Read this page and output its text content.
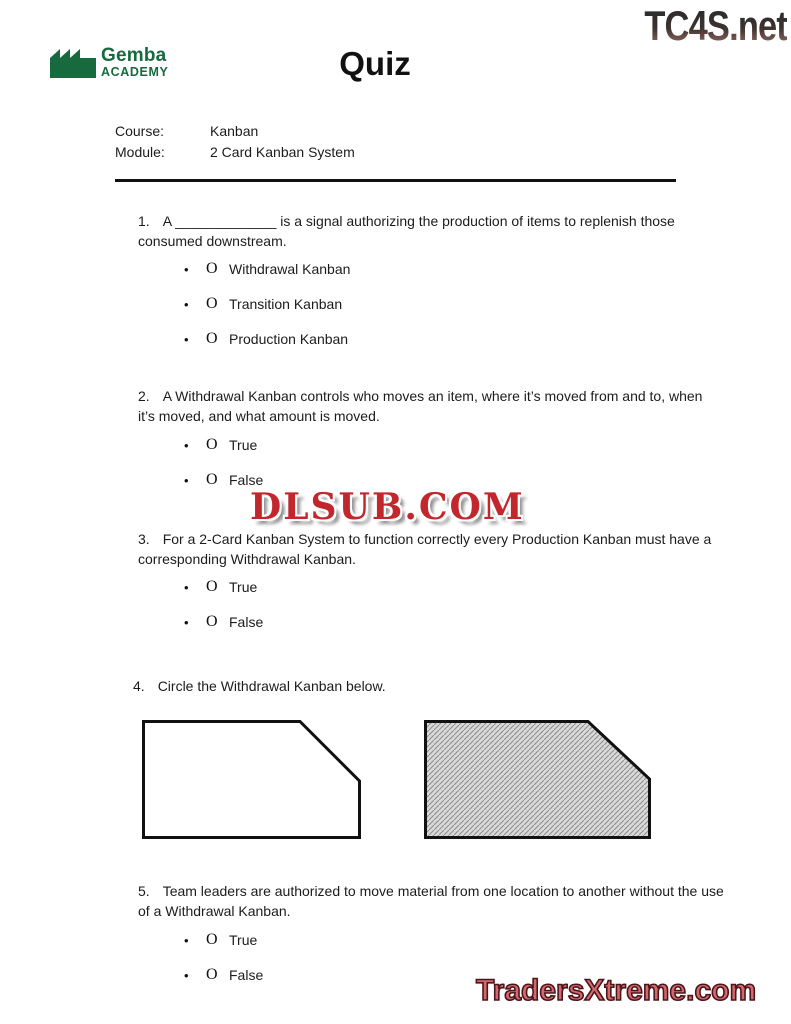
TC4S.net
Gemba
ACADEMY	Quiz
Course:	Kanban
Module:	2 Card Kanban System

1. A _____________ is a signal authorizing the production of items to replenish those
consumed downstream.

• O Withdrawal Kanban
• O Transition Kanban
• O Production Kanban

2. A Withdrawal Kanban controls who moves an item, where it’s moved from and to, when
it’s moved, and what amount is moved.

• O True
• O False
DLSUB.COM

3. For a 2-Card Kanban System to function correctly every Production Kanban must have a
corresponding Withdrawal Kanban.

• O True
• O False

4. Circle the Withdrawal Kanban below.

5. Team leaders are authorized to move material from one location to another without the use
of a Withdrawal Kanban.

• O True
• O False	TradersXtreme.com
